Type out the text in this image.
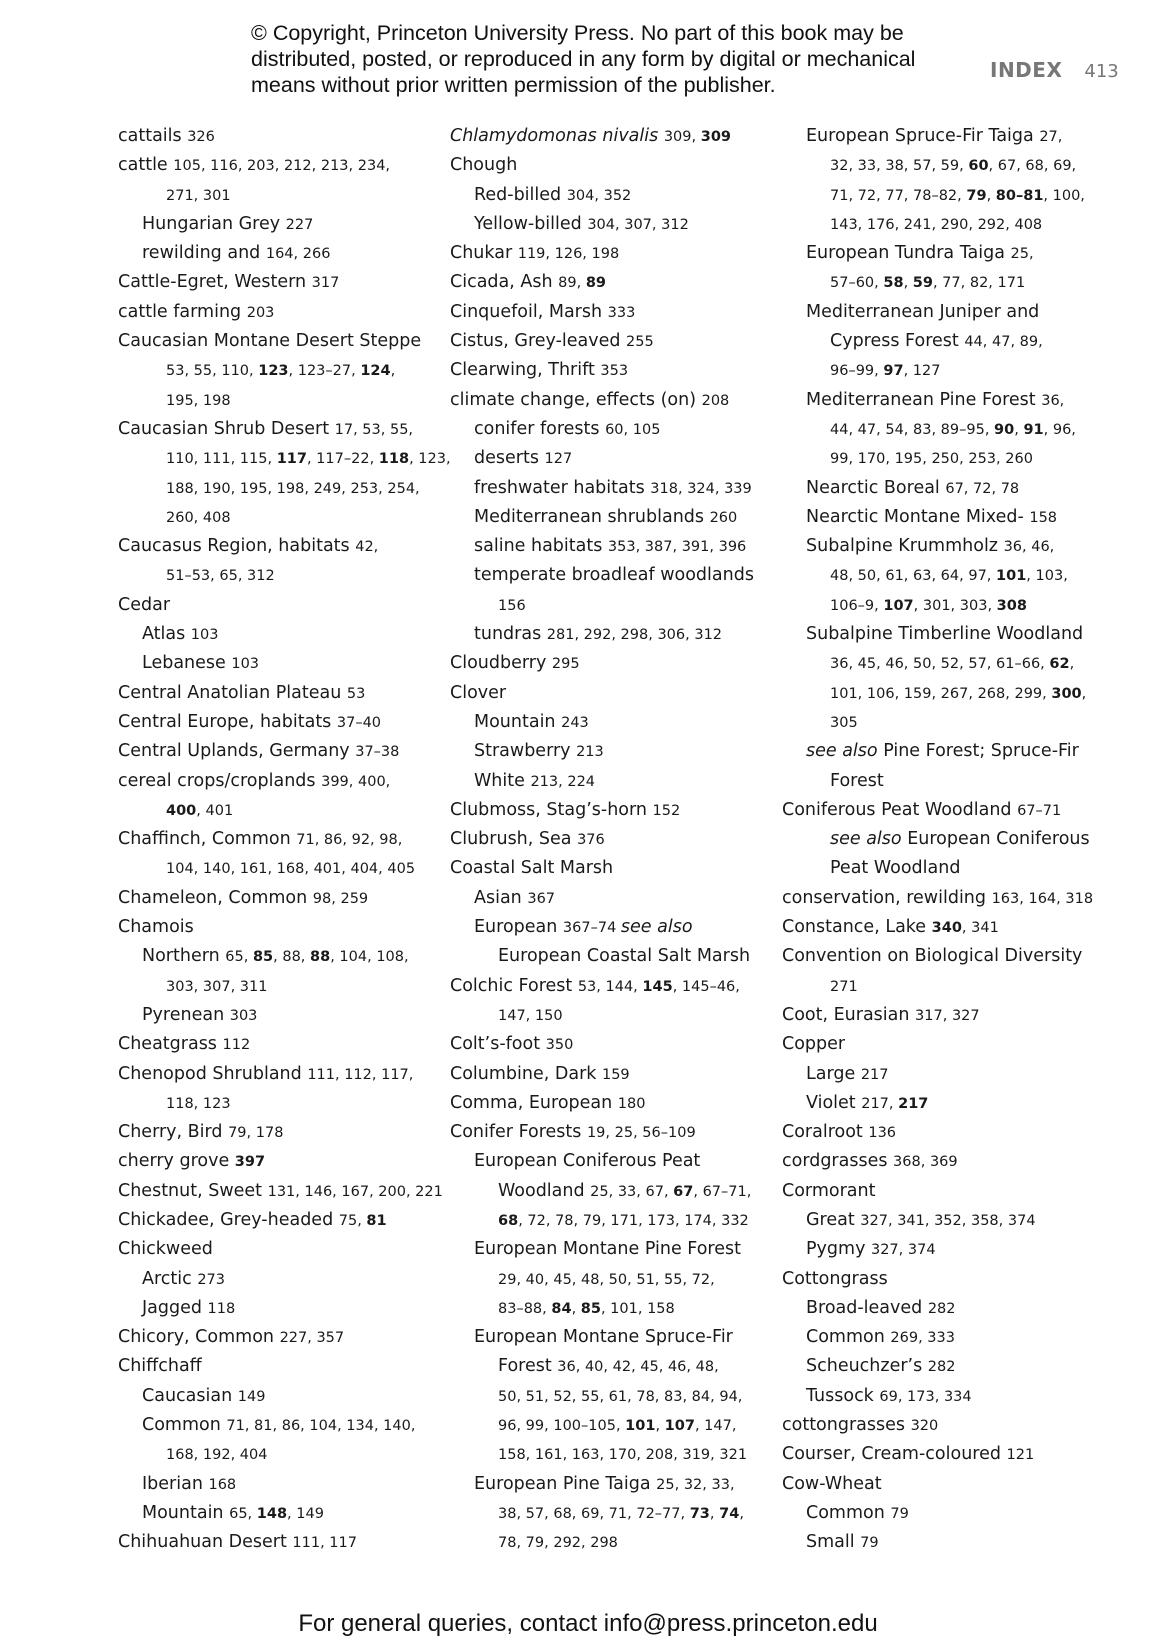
© Copyright, Princeton University Press. No part of this book may be distributed, posted, or reproduced in any form by digital or mechanical means without prior written permission of the publisher.
INDEX 413
cattails 326
cattle 105, 116, 203, 212, 213, 234,
271, 301
Hungarian Grey 227
rewilding and 164, 266
Cattle-Egret, Western 317
cattle farming 203
Caucasian Montane Desert Steppe
53, 55, 110, 123, 123–27, 124,
195, 198
Caucasian Shrub Desert 17, 53, 55,
110, 111, 115, 117, 117–22, 118, 123,
188, 190, 195, 198, 249, 253, 254,
260, 408
Caucasus Region, habitats 42,
51–53, 65, 312
Cedar
Atlas 103
Lebanese 103
Central Anatolian Plateau 53
Central Europe, habitats 37–40
Central Uplands, Germany 37–38
cereal crops/croplands 399, 400,
400, 401
Chaffinch, Common 71, 86, 92, 98,
104, 140, 161, 168, 401, 404, 405
Chameleon, Common 98, 259
Chamois
Northern 65, 85, 88, 88, 104, 108,
303, 307, 311
Pyrenean 303
Cheatgrass 112
Chenopod Shrubland 111, 112, 117,
118, 123
Cherry, Bird 79, 178
cherry grove 397
Chestnut, Sweet 131, 146, 167, 200, 221
Chickadee, Grey-headed 75, 81
Chickweed
Arctic 273
Jagged 118
Chicory, Common 227, 357
Chiffchaff
Caucasian 149
Common 71, 81, 86, 104, 134, 140,
168, 192, 404
Iberian 168
Mountain 65, 148, 149
Chihuahuan Desert 111, 117
Chlamydomonas nivalis 309, 309
Chough
Red-billed 304, 352
Yellow-billed 304, 307, 312
Chukar 119, 126, 198
Cicada, Ash 89, 89
Cinquefoil, Marsh 333
Cistus, Grey-leaved 255
Clearwing, Thrift 353
climate change, effects (on) 208
conifer forests 60, 105
deserts 127
freshwater habitats 318, 324, 339
Mediterranean shrublands 260
saline habitats 353, 387, 391, 396
temperate broadleaf woodlands
156
tundras 281, 292, 298, 306, 312
Cloudberry 295
Clover
Mountain 243
Strawberry 213
White 213, 224
Clubmoss, Stag’s-horn 152
Clubrush, Sea 376
Coastal Salt Marsh
Asian 367
European 367–74 see also
European Coastal Salt Marsh
Colchic Forest 53, 144, 145, 145–46,
147, 150
Colt’s-foot 350
Columbine, Dark 159
Comma, European 180
Conifer Forests 19, 25, 56–109
European Coniferous Peat
Woodland 25, 33, 67, 67, 67–71,
68, 72, 78, 79, 171, 173, 174, 332
European Montane Pine Forest
29, 40, 45, 48, 50, 51, 55, 72,
83–88, 84, 85, 101, 158
European Montane Spruce-Fir
Forest 36, 40, 42, 45, 46, 48,
50, 51, 52, 55, 61, 78, 83, 84, 94,
96, 99, 100–105, 101, 107, 147,
158, 161, 163, 170, 208, 319, 321
European Pine Taiga 25, 32, 33,
38, 57, 68, 69, 71, 72–77, 73, 74,
78, 79, 292, 298
European Spruce-Fir Taiga 27,
32, 33, 38, 57, 59, 60, 67, 68, 69,
71, 72, 77, 78–82, 79, 80–81, 100,
143, 176, 241, 290, 292, 408
European Tundra Taiga 25,
57–60, 58, 59, 77, 82, 171
Mediterranean Juniper and
Cypress Forest 44, 47, 89,
96–99, 97, 127
Mediterranean Pine Forest 36,
44, 47, 54, 83, 89–95, 90, 91, 96,
99, 170, 195, 250, 253, 260
Nearctic Boreal 67, 72, 78
Nearctic Montane Mixed- 158
Subalpine Krummholz 36, 46,
48, 50, 61, 63, 64, 97, 101, 103,
106–9, 107, 301, 303, 308
Subalpine Timberline Woodland
36, 45, 46, 50, 52, 57, 61–66, 62,
101, 106, 159, 267, 268, 299, 300,
305
see also Pine Forest; Spruce-Fir
Forest
Coniferous Peat Woodland 67–71
see also European Coniferous
Peat Woodland
conservation, rewilding 163, 164, 318
Constance, Lake 340, 341
Convention on Biological Diversity
271
Coot, Eurasian 317, 327
Copper
Large 217
Violet 217, 217
Coralroot 136
cordgrasses 368, 369
Cormorant
Great 327, 341, 352, 358, 374
Pygmy 327, 374
Cottongrass
Broad-leaved 282
Common 269, 333
Scheuchzer’s 282
Tussock 69, 173, 334
cottongrasses 320
Courser, Cream-coloured 121
Cow-Wheat
Common 79
Small 79
For general queries, contact info@press.princeton.edu
